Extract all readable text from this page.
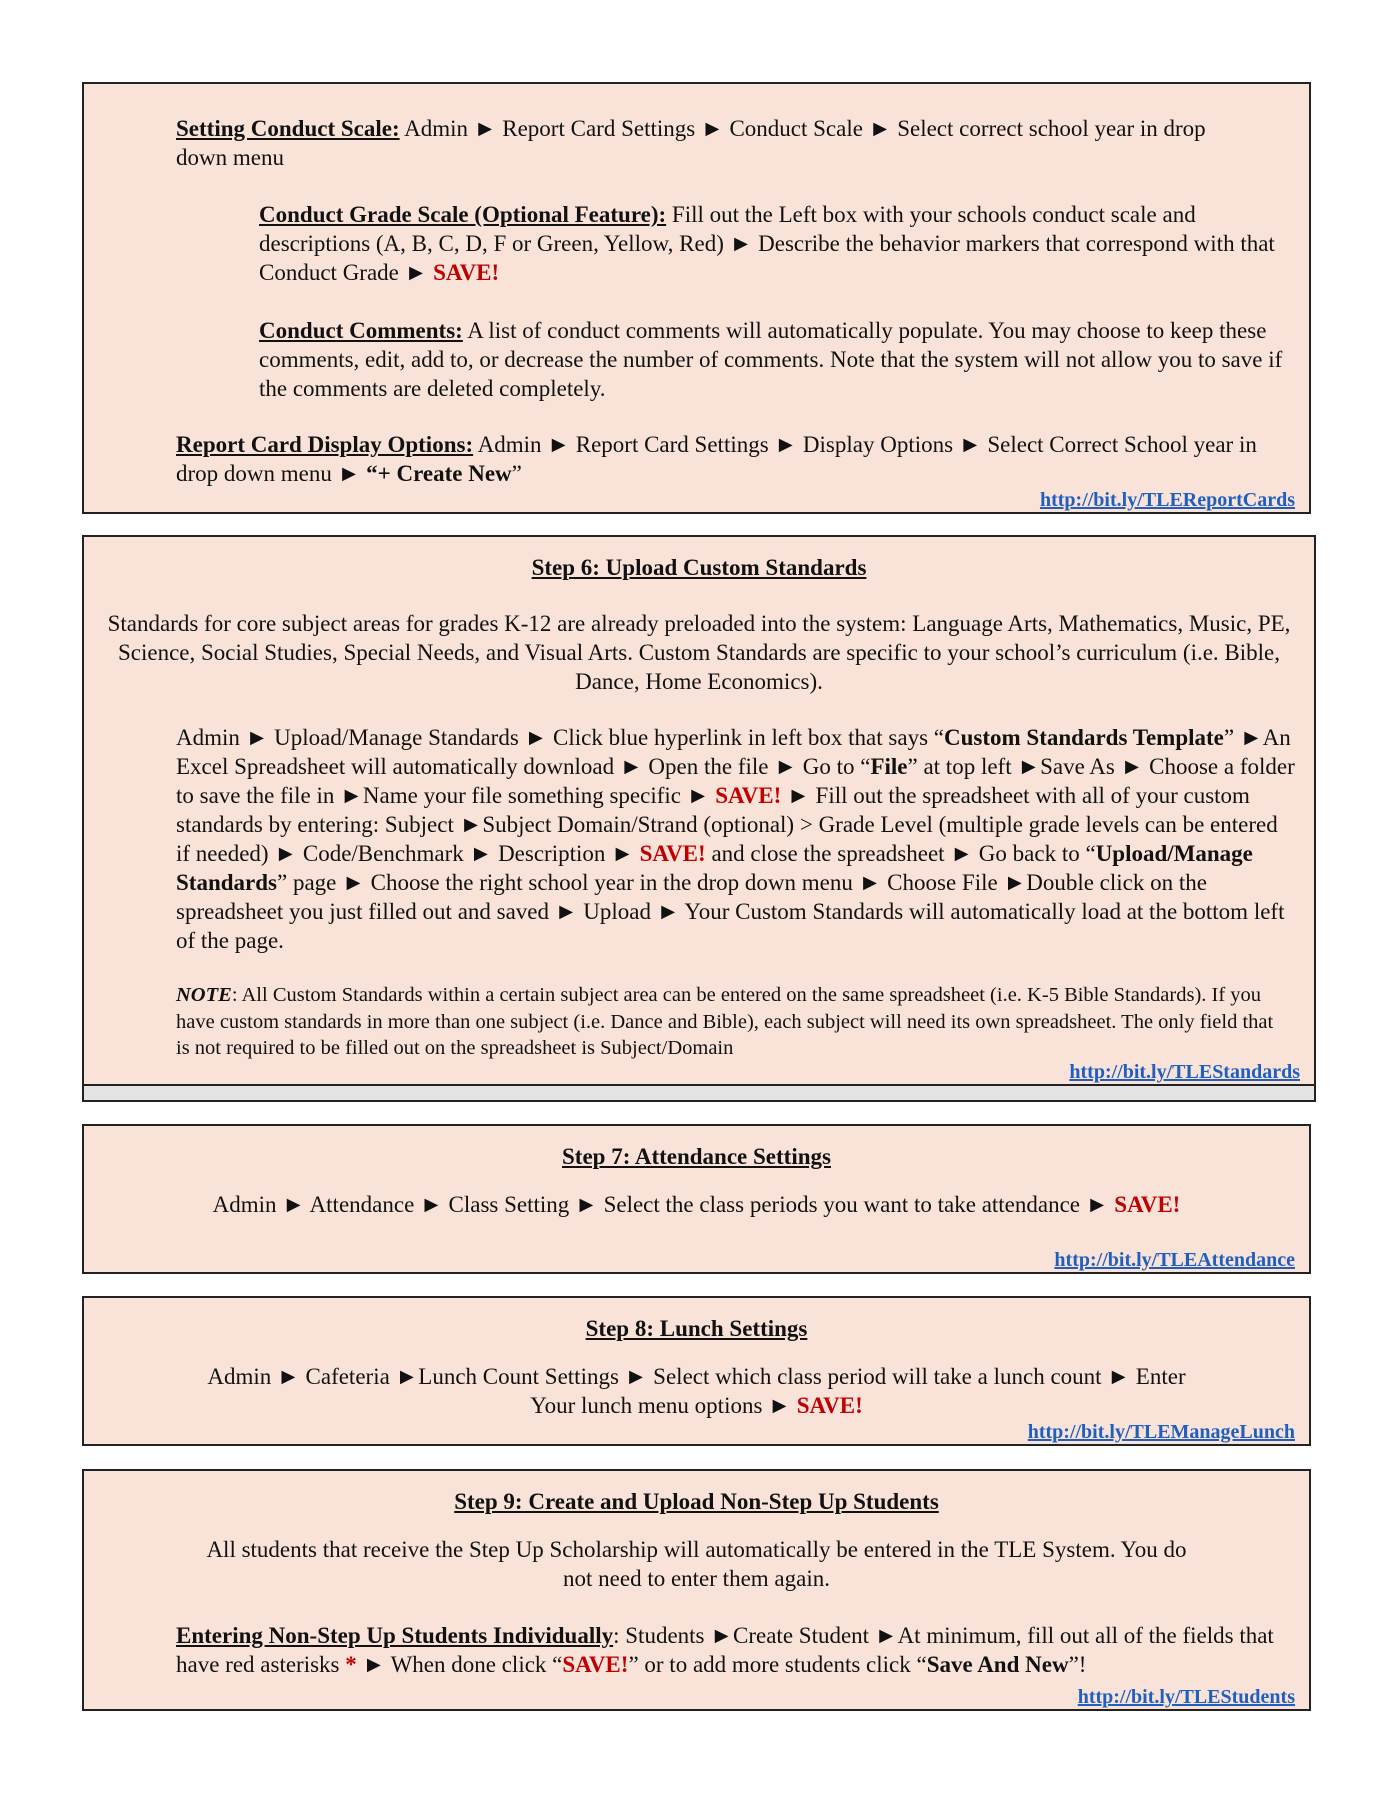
Setting Conduct Scale: Admin ► Report Card Settings ► Conduct Scale ► Select correct school year in drop down menu
Conduct Grade Scale (Optional Feature): Fill out the Left box with your schools conduct scale and descriptions (A, B, C, D, F or Green, Yellow, Red) ► Describe the behavior markers that correspond with that Conduct Grade ► SAVE!
Conduct Comments: A list of conduct comments will automatically populate. You may choose to keep these comments, edit, add to, or decrease the number of comments. Note that the system will not allow you to save if the comments are deleted completely.
Report Card Display Options: Admin ► Report Card Settings ► Display Options ► Select Correct School year in drop down menu ► “+ Create New”
http://bit.ly/TLEReportCards
Step 6: Upload Custom Standards
Standards for core subject areas for grades K-12 are already preloaded into the system: Language Arts, Mathematics, Music, PE, Science, Social Studies, Special Needs, and Visual Arts. Custom Standards are specific to your school’s curriculum (i.e. Bible, Dance, Home Economics).
Admin ► Upload/Manage Standards ► Click blue hyperlink in left box that says “Custom Standards Template” ►An Excel Spreadsheet will automatically download ► Open the file ► Go to “File” at top left ►Save As ► Choose a folder to save the file in ►Name your file something specific ► SAVE! ► Fill out the spreadsheet with all of your custom standards by entering: Subject ►Subject Domain/Strand (optional) > Grade Level (multiple grade levels can be entered if needed) ► Code/Benchmark ► Description ► SAVE! and close the spreadsheet ► Go back to “Upload/Manage Standards” page ► Choose the right school year in the drop down menu ► Choose File ►Double click on the spreadsheet you just filled out and saved ► Upload ► Your Custom Standards will automatically load at the bottom left of the page.
NOTE: All Custom Standards within a certain subject area can be entered on the same spreadsheet (i.e. K-5 Bible Standards). If you have custom standards in more than one subject (i.e. Dance and Bible), each subject will need its own spreadsheet. The only field that is not required to be filled out on the spreadsheet is Subject/Domain
http://bit.ly/TLEStandards
Step 7: Attendance Settings
Admin ► Attendance ► Class Setting ► Select the class periods you want to take attendance ► SAVE!
http://bit.ly/TLEAttendance
Step 8: Lunch Settings
Admin ► Cafeteria ►Lunch Count Settings ► Select which class period will take a lunch count ► Enter Your lunch menu options ► SAVE!
http://bit.ly/TLEManageLunch
Step 9: Create and Upload Non-Step Up Students
All students that receive the Step Up Scholarship will automatically be entered in the TLE System. You do not need to enter them again.
Entering Non-Step Up Students Individually: Students ►Create Student ►At minimum, fill out all of the fields that have red asterisks * ► When done click “SAVE!” or to add more students click “Save And New”!
http://bit.ly/TLEStudents
